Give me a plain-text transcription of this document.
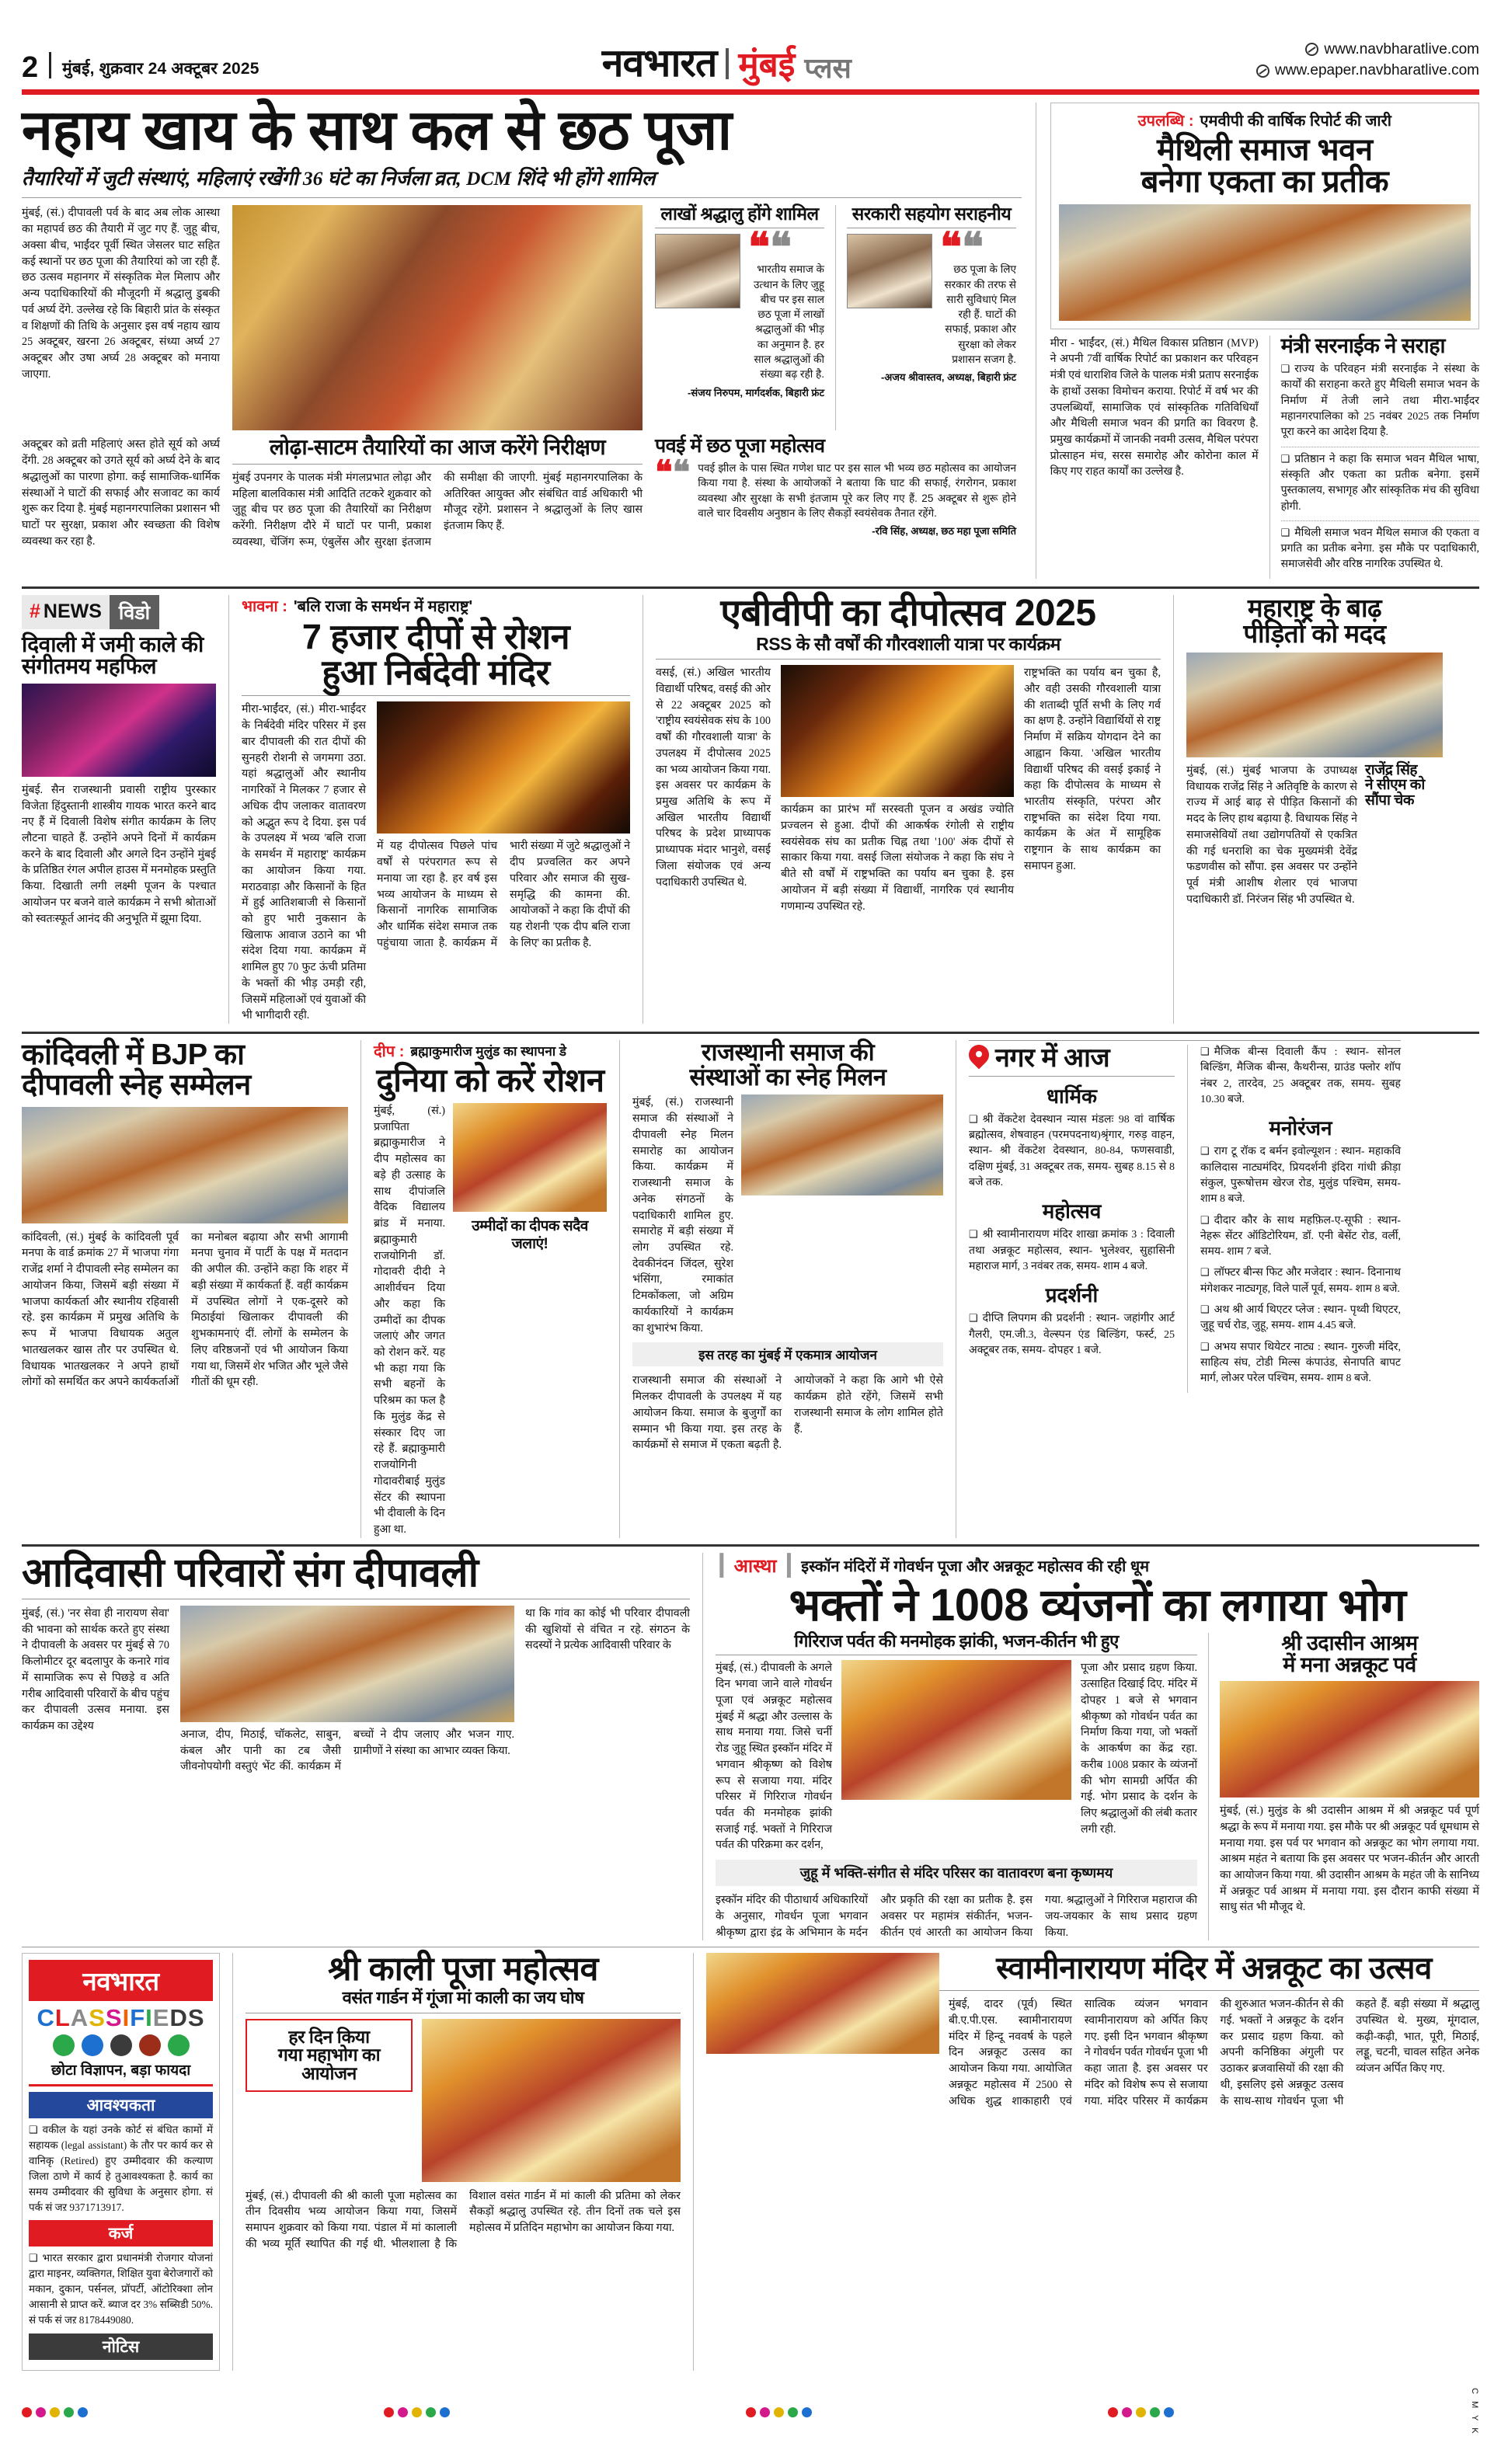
2 मुंबई, शुक्रवार 24 अक्टूबर 2025	नवभारत मुंबई प्लस
www.navbharatlive.com
www.epaper.navbharatlive.com
नहाय खाय के साथ कल से छठ पूजा
तैयारियों में जुटी संस्थाएं, महिलाएं रखेंगी 36 घंटे का निर्जला व्रत, DCM शिंदे भी होंगे शामिल
मुंबई, (सं.) दीपावली पर्व के बाद अब लोक आस्था का महापर्व छठ की तैयारी में जुट गए हैं. जुहू बीच, अक्सा बीच, भाईंदर पूर्वी स्थित जेसलर घाट सहित कई स्थानों पर छठ पूजा की तैयारियां को जा रही हैं. छठ उत्सव महानगर में संस्कृतिक मेल मिलाप और अन्य पदाधिकारियों की मौजूदगी में श्रद्धालु डुबकी पर्व अर्घ्य देंगे. उल्लेख रहे कि बिहारी प्रांत के संस्कृत व शिक्षणों की तिथि के अनुसार इस वर्ष नहाय खाय 25 अक्टूबर, खरना 26 अक्टूबर, संध्या अर्घ्य 27 अक्टूबर और उषा अर्घ्य 28 अक्टूबर को मनाया जाएगा.
लाखों श्रद्धालु होंगे शामिल
❝❝
भारतीय समाज के उत्थान के लिए जुहू बीच पर इस साल छठ पूजा में लाखों श्रद्धालुओं की भीड़ का अनुमान है. हर साल श्रद्धालुओं की संख्या बढ़ रही है.
-संजय निरुपम, मार्गदर्शक, बिहारी फ्रंट
सरकारी सहयोग सराहनीय
❝❝
छठ पूजा के लिए सरकार की तरफ से सारी सुविधाएं मिल रही हैं. घाटों की सफाई, प्रकाश और सुरक्षा को लेकर प्रशासन सजग है.
-अजय श्रीवास्तव, अध्यक्ष, बिहारी फ्रंट
अक्टूबर को व्रती महिलाएं अस्त होते सूर्य को अर्घ्य देंगी. 28 अक्टूबर को उगते सूर्य को अर्घ्य देने के बाद श्रद्धालुओं का पारणा होगा. कई सामाजिक-धार्मिक संस्थाओं ने घाटों की सफाई और सजावट का कार्य शुरू कर दिया है. मुंबई महानगरपालिका प्रशासन भी घाटों पर सुरक्षा, प्रकाश और स्वच्छता की विशेष व्यवस्था कर रहा है.
लोढ़ा-साटम तैयारियों का आज करेंगे निरीक्षण
मुंबई उपनगर के पालक मंत्री मंगलप्रभात लोढ़ा और महिला बालविकास मंत्री आदिति तटकरे शुक्रवार को जुहू बीच पर छठ पूजा की तैयारियों का निरीक्षण करेंगी. निरीक्षण दौरे में घाटों पर पानी, प्रकाश व्यवस्था, चेंजिंग रूम, एंबुलेंस और सुरक्षा इंतजाम की समीक्षा की जाएगी. मुंबई महानगरपालिका के अतिरिक्त आयुक्त और संबंधित वार्ड अधिकारी भी मौजूद रहेंगे. प्रशासन ने श्रद्धालुओं के लिए खास इंतजाम किए हैं.
पवई में छठ पूजा महोत्सव
❝❝ पवई झील के पास स्थित गणेश घाट पर इस साल भी भव्य छठ महोत्सव का आयोजन किया गया है. संस्था के आयोजकों ने बताया कि घाट की सफाई, रंगरोगन, प्रकाश व्यवस्था और सुरक्षा के सभी इंतजाम पूरे कर लिए गए हैं. 25 अक्टूबर से शुरू होने वाले चार दिवसीय अनुष्ठान के लिए सैकड़ों स्वयंसेवक तैनात रहेंगे.
-रवि सिंह, अध्यक्ष, छठ महा पूजा समिति
उपलब्धि : एमवीपी की वार्षिक रिपोर्ट की जारी
मैथिली समाज भवन
बनेगा एकता का प्रतीक
मीरा - भाईंदर, (सं.) मैथिल विकास प्रतिष्ठान (MVP) ने अपनी 7वीं वार्षिक रिपोर्ट का प्रकाशन कर परिवहन मंत्री एवं धाराशिव जिले के पालक मंत्री प्रताप सरनाईक के हाथों उसका विमोचन कराया. रिपोर्ट में वर्ष भर की उपलब्धियाँ, सामाजिक एवं सांस्कृतिक गतिविधियाँ और मैथिली समाज भवन की प्रगति का विवरण है. प्रमुख कार्यक्रमों में जानकी नवमी उत्सव, मैथिल परंपरा प्रोत्साहन मंच, सरस समारोह और कोरोना काल में किए गए राहत कार्यों का उल्लेख है.
मंत्री सरनाईक ने सराहा
❑ राज्य के परिवहन मंत्री सरनाईक ने संस्था के कार्यों की सराहना करते हुए मैथिली समाज भवन के निर्माण में तेजी लाने तथा मीरा-भाईंदर महानगरपालिका को 25 नवंबर 2025 तक निर्माण पूरा करने का आदेश दिया है.
❑ प्रतिष्ठान ने कहा कि समाज भवन मैथिल भाषा, संस्कृति और एकता का प्रतीक बनेगा. इसमें पुस्तकालय, सभागृह और सांस्कृतिक मंच की सुविधा होगी.
❑ मैथिली समाज भवन मैथिल समाज की एकता व प्रगति का प्रतीक बनेगा. इस मौके पर पदाधिकारी, समाजसेवी और वरिष्ठ नागरिक उपस्थित थे.
# NEWS विडो
दिवाली में जमी काले की संगीतमय महफिल
मुंबई. सैन राजस्थानी प्रवासी राष्ट्रीय पुरस्कार विजेता हिंदुस्तानी शास्त्रीय गायक भारत करने बाद नए हैं में दिवाली विशेष संगीत कार्यक्रम के लिए लौटना चाहते हैं. उन्होंने अपने दिनों में कार्यक्रम करने के बाद दिवाली और अगले दिन उन्होंने मुंबई के प्रतिष्ठित रंगल अपील हाउस में मनमोहक प्रस्तुति किया. दिखाती लगी लक्ष्मी पूजन के पश्चात आयोजन पर बजने वाले कार्यक्रम ने सभी श्रोताओं को स्वतःस्फूर्त आनंद की अनुभूति में झूमा दिया.
भावना : 'बलि राजा के समर्थन में महाराष्ट्र'
7 हजार दीपों से रोशन
हुआ निर्बदेवी मंदिर
मीरा-भाईंदर, (सं.) मीरा-भाईंदर के निर्बदेवी मंदिर परिसर में इस बार दीपावली की रात दीपों की सुनहरी रोशनी से जगमगा उठा. यहां श्रद्धालुओं और स्थानीय नागरिकों ने मिलकर 7 हजार से अधिक दीप जलाकर वातावरण को अद्भुत रूप दे दिया. इस पर्व के उपलक्ष्य में भव्य 'बलि राजा के समर्थन में महाराष्ट्र' कार्यक्रम का आयोजन किया गया. मराठवाड़ा और किसानों के हित में हुई आतिशबाजी से किसानों को हुए भारी नुकसान के खिलाफ आवाज उठाने का भी संदेश दिया गया. कार्यक्रम में शामिल हुए 70 फुट ऊंची प्रतिमा के भक्तों की भीड़ उमड़ी रही, जिसमें महिलाओं एवं युवाओं की भी भागीदारी रही.
में यह दीपोत्सव पिछले पांच वर्षों से परंपरागत रूप से मनाया जा रहा है. हर वर्ष इस भव्य आयोजन के माध्यम से किसानों नागरिक सामाजिक और धार्मिक संदेश समाज तक पहुंचाया जाता है. कार्यक्रम में भारी संख्या में जुटे श्रद्धालुओं ने दीप प्रज्वलित कर अपने परिवार और समाज की सुख-समृद्धि की कामना की. आयोजकों ने कहा कि दीपों की यह रोशनी 'एक दीप बलि राजा के लिए' का प्रतीक है.
एबीवीपी का दीपोत्सव 2025
RSS के सौ वर्षों की गौरवशाली यात्रा पर कार्यक्रम
वसई, (सं.) अखिल भारतीय विद्यार्थी परिषद, वसई की ओर से 22 अक्टूबर 2025 को 'राष्ट्रीय स्वयंसेवक संघ के 100 वर्षों की गौरवशाली यात्रा' के उपलक्ष्य में दीपोत्सव 2025 का भव्य आयोजन किया गया. इस अवसर पर कार्यक्रम के प्रमुख अतिथि के रूप में अखिल भारतीय विद्यार्थी परिषद के प्रदेश प्राध्यापक प्राध्यापक मंदार भानुशे, वसई जिला संयोजक एवं अन्य पदाधिकारी उपस्थित थे.
कार्यक्रम का प्रारंभ माँ सरस्वती पूजन व अखंड ज्योति प्रज्वलन से हुआ. दीपों की आकर्षक रंगोली से राष्ट्रीय स्वयंसेवक संघ का प्रतीक चिह्न तथा '100' अंक दीपों से साकार किया गया. वसई जिला संयोजक ने कहा कि संघ ने बीते सौ वर्षों में राष्ट्रभक्ति का पर्याय बन चुका है. इस आयोजन में बड़ी संख्या में विद्यार्थी, नागरिक एवं स्थानीय गणमान्य उपस्थित रहे.
राष्ट्रभक्ति का पर्याय बन चुका है, और वही उसकी गौरवशाली यात्रा की शताब्दी पूर्ति सभी के लिए गर्व का क्षण है. उन्होंने विद्यार्थियों से राष्ट्र निर्माण में सक्रिय योगदान देने का आह्वान किया. 'अखिल भारतीय विद्यार्थी परिषद की वसई इकाई ने कहा कि दीपोत्सव के माध्यम से भारतीय संस्कृति, परंपरा और राष्ट्रभक्ति का संदेश दिया गया. कार्यक्रम के अंत में सामूहिक राष्ट्रगान के साथ कार्यक्रम का समापन हुआ.
महाराष्ट्र के बाढ़
पीड़ितों को मदद
मुंबई, (सं.) मुंबई भाजपा के उपाध्यक्ष विधायक राजेंद्र सिंह ने अतिवृष्टि के कारण से राज्य में आई बाढ़ से पीड़ित किसानों की मदद के लिए हाथ बढ़ाया है. विधायक सिंह ने समाजसेवियों तथा उद्योगपतियों से एकत्रित की गई धनराशि का चेक मुख्यमंत्री देवेंद्र फडणवीस को सौंपा. इस अवसर पर उन्होंने पूर्व मंत्री आशीष शेलार एवं भाजपा पदाधिकारी डॉ. निरंजन सिंह भी उपस्थित थे.
राजेंद्र सिंह
ने सीएम को
सौंपा चेक
कांदिवली में BJP का
दीपावली स्नेह सम्मेलन
कांदिवली, (सं.) मुंबई के कांदिवली पूर्व मनपा के वार्ड क्रमांक 27 में भाजपा गंगा राजेंद्र शर्मा ने दीपावली स्नेह सम्मेलन का आयोजन किया, जिसमें बड़ी संख्या में भाजपा कार्यकर्ता और स्थानीय रहिवासी रहे. इस कार्यक्रम में प्रमुख अतिथि के रूप में भाजपा विधायक अतुल भातखलकर खास तौर पर उपस्थित थे. विधायक भातखलकर ने अपने हाथों लोगों को समर्थित कर अपने कार्यकर्ताओं का मनोबल बढ़ाया और सभी आगामी मनपा चुनाव में पार्टी के पक्ष में मतदान की अपील की. उन्होंने कहा कि शहर में बड़ी संख्या में कार्यकर्ता हैं. वहीं कार्यक्रम में उपस्थित लोगों ने एक-दूसरे को मिठाईयां खिलाकर दीपावली की शुभकामनाएं दीं. लोगों के सम्मेलन के लिए वरिष्ठजनों एवं भी आयोजन किया गया था, जिसमें शेर भजित और भूले जैसे गीतों की धूम रही.
दीप : ब्रह्माकुमारीज मुलुंड का स्थापना डे
दुनिया को करें रोशन
मुंबई, (सं.) प्रजापिता ब्रह्माकुमारीज ने दीप महोत्सव का बड़े ही उत्साह के साथ दीपांजलि वैदिक विद्यालय ब्रांड में मनाया. ब्रह्माकुमारी राजयोगिनी डॉ. गोदावरी दीदी ने आशीर्वचन दिया और कहा कि उम्मीदों का दीपक जलाएं और जगत को रोशन करें. यह भी कहा गया कि सभी बहनों के परिश्रम का फल है कि मुलुंड केंद्र से संस्कार दिए जा रहे हैं. ब्रह्माकुमारी राजयोगिनी गोदावरीबाई मुलुंड सेंटर की स्थापना भी दीवाली के दिन हुआ था.
उम्मीदों का दीपक सदैव जलाएं!
राजस्थानी समाज की
संस्थाओं का स्नेह मिलन
मुंबई, (सं.) राजस्थानी समाज की संस्थाओं ने दीपावली स्नेह मिलन समारोह का आयोजन किया. कार्यक्रम में राजस्थानी समाज के अनेक संगठनों के पदाधिकारी शामिल हुए. समारोह में बड़ी संख्या में लोग उपस्थित रहे. देवकीनंदन जिंदल, सुरेश भंसिंगा, रमाकांत टिमकोंकला, जो अग्रिम कार्यकारियों ने कार्यक्रम का शुभारंभ किया.
इस तरह का मुंबई में एकमात्र आयोजन
राजस्थानी समाज की संस्थाओं ने मिलकर दीपावली के उपलक्ष्य में यह आयोजन किया. समाज के बुजुर्गों का सम्मान भी किया गया. इस तरह के कार्यक्रमों से समाज में एकता बढ़ती है. आयोजकों ने कहा कि आगे भी ऐसे कार्यक्रम होते रहेंगे, जिसमें सभी राजस्थानी समाज के लोग शामिल होते हैं.
नगर में आज
धार्मिक
❑ श्री वेंकटेश देवस्थान न्यास मंडलः 98 वां वार्षिक ब्रह्मोत्सव, शेषवाहन (परमपदनाथ)श्रृंगार, गरुड़ वाहन, स्थान- श्री वेंकटेश देवस्थान, 80-84, फणसवाडी, दक्षिण मुंबई, 31 अक्टूबर तक, समय- सुबह 8.15 से 8 बजे तक.
महोत्सव
❑ श्री स्वामीनारायण मंदिर शाखा क्रमांक 3 : दिवाली तथा अन्नकूट महोत्सव, स्थान- भुलेश्वर, सुहासिनी महाराज मार्ग, 3 नवंबर तक, समय- शाम 4 बजे.
प्रदर्शनी
❑ दीप्ति लिपगम की प्रदर्शनी : स्थान- जहांगीर आर्ट गैलरी, एम.जी.3, वेल्स्पन एंड बिल्डिंग, फर्स्ट, 25 अक्टूबर तक, समय- दोपहर 1 बजे.
❑ मैजिक बीन्स दिवाली कैंप : स्थान- सोनल बिल्डिंग, मैजिक बीन्स, कैथरीन्स, ग्राउंड फ्लोर शॉप नंबर 2, तारदेव, 25 अक्टूबर तक, समय- सुबह 10.30 बजे.
मनोरंजन
❑ राग टू रॉक द बर्मन इवोल्यूशन : स्थान- महाकवि कालिदास नाट्यमंदिर, प्रियदर्शनी इंदिरा गांधी क्रीड़ा संकुल, पुरूषोत्तम खेरज रोड, मुलुंड पश्चिम, समय- शाम 8 बजे.
❑ दीदार कौर के साथ महफ़िल-ए-सूफी : स्थान- नेहरू सेंटर ऑडिटोरियम, डॉ. एनी बेसेंट रोड, वर्ली, समय- शाम 7 बजे.
❑ लॉफ्टर बीन्स फिट और मजेदार : स्थान- दिनानाथ मंगेशकर नाट्यगृह, विले पार्ले पूर्व, समय- शाम 8 बजे.
❑ अथ श्री आर्य थिएटर प्लेज : स्थान- पृथ्वी थिएटर, जुहू चर्च रोड, जुहू, समय- शाम 4.45 बजे.
❑ अभय सपार थियेटर नाट्य : स्थान- गुरुजी मंदिर, साहित्य संघ, टोडी मिल्स कंपाउंड, सेनापति बापट मार्ग, लोअर परेल पश्चिम, समय- शाम 8 बजे.
आदिवासी परिवारों संग दीपावली
मुंबई, (सं.) 'नर सेवा ही नारायण सेवा' की भावना को सार्थक करते हुए संस्था ने दीपावली के अवसर पर मुंबई से 70 किलोमीटर दूर बदलापुर के कनारे गांव में सामाजिक रूप से पिछड़े व अति गरीब आदिवासी परिवारों के बीच पहुंच कर दीपावली उत्सव मनाया. इस कार्यक्रम का उद्देश्य
अनाज, दीप, मिठाई, चॉकलेट, साबुन, कंबल और पानी का टब जैसी जीवनोपयोगी वस्तुएं भेंट कीं. कार्यक्रम में बच्चों ने दीप जलाए और भजन गाए. ग्रामीणों ने संस्था का आभार व्यक्त किया.
था कि गांव का कोई भी परिवार दीपावली की खुशियों से वंचित न रहे. संगठन के सदस्यों ने प्रत्येक आदिवासी परिवार के
┃ आस्था ┃ इस्कॉन मंदिरों में गोवर्धन पूजा और अन्नकूट महोत्सव की रही धूम
भक्तों ने 1008 व्यंजनों का लगाया भोग
गिरिराज पर्वत की मनमोहक झांकी, भजन-कीर्तन भी हुए
मुंबई, (सं.) दीपावली के अगले दिन भगवा जाने वाले गोवर्धन पूजा एवं अन्नकूट महोत्सव मुंबई में श्रद्धा और उल्लास के साथ मनाया गया. जिसे चर्नी रोड जुहू स्थित इस्कॉन मंदिर में भगवान श्रीकृष्ण को विशेष रूप से सजाया गया. मंदिर परिसर में गिरिराज गोवर्धन पर्वत की मनमोहक झांकी सजाई गई. भक्तों ने गिरिराज पर्वत की परिक्रमा कर दर्शन,
पूजा और प्रसाद ग्रहण किया. उत्साहित दिखाई दिए. मंदिर में दोपहर 1 बजे से भगवान श्रीकृष्ण को गोवर्धन पर्वत का निर्माण किया गया, जो भक्तों के आकर्षण का केंद्र रहा. करीब 1008 प्रकार के व्यंजनों की भोग सामग्री अर्पित की गई. भोग प्रसाद के दर्शन के लिए श्रद्धालुओं की लंबी कतार लगी रही.
जुहू में भक्ति-संगीत से मंदिर परिसर का वातावरण बना कृष्णमय
इस्कॉन मंदिर की पीठाधार्य अधिकारियों के अनुसार, गोवर्धन पूजा भगवान श्रीकृष्ण द्वारा इंद्र के अभिमान के मर्दन और प्रकृति की रक्षा का प्रतीक है. इस अवसर पर महामंत्र संकीर्तन, भजन-कीर्तन एवं आरती का आयोजन किया गया. श्रद्धालुओं ने गिरिराज महाराज की जय-जयकार के साथ प्रसाद ग्रहण किया.
श्री उदासीन आश्रम
में मना अन्नकूट पर्व
मुंबई, (सं.) मुलुंड के श्री उदासीन आश्रम में श्री अन्नकूट पर्व पूर्ण श्रद्धा के रूप में मनाया गया. इस मौके पर श्री अन्नकूट पर्व धूमधाम से मनाया गया. इस पर्व पर भगवान को अन्नकूट का भोग लगाया गया. आश्रम महंत ने बताया कि इस अवसर पर भजन-कीर्तन और आरती का आयोजन किया गया. श्री उदासीन आश्रम के महंत जी के सानिध्य में अन्नकूट पर्व आश्रम में मनाया गया. इस दौरान काफी संख्या में साधु संत भी मौजूद थे.
नवभारत
CLASSIFIEDS
छोटा विज्ञापन, बड़ा फायदा
आवश्यकता
❑ वकील के यहां उनके कोर्ट सं बंधित कामों में सहायक (legal assistant) के तौर पर कार्य कर से वानिकृ (Retired) हुए उम्मीदवार की कल्याण जिला ठाणे में कार्य हे तुआवश्यकता है. कार्य का समय उम्मीदवार की सुविधा के अनुसार होगा. सं पर्क सं जऱ 9371713917.
कर्ज
❑ भारत सरकार द्वारा प्रधानमंत्री रोजगार योजनां द्वारा माइनर, व्यक्तिगत, शिक्षित युवा बेरोजगारों को मकान, दुकान, पर्सनल, प्रॉपर्टी, ऑटोरिक्शा लोन आसानी से प्राप्त करें. ब्याज दर 3% सब्सिडी 50%. सं पर्क सं जऱ 8178449080.
नोटिस
श्री काली पूजा महोत्सव
वसंत गार्डन में गूंजा मां काली का जय घोष
हर दिन किया
गया महाभोग का
आयोजन
मुंबई, (सं.) दीपावली की श्री काली पूजा महोत्सव का तीन दिवसीय भव्य आयोजन किया गया, जिसमें समापन शुक्रवार को किया गया. पंडाल में मां कालाली की भव्य मूर्ति स्थापित की गई थी. भीलशाला है कि विशाल वसंत गार्डन में मां काली की प्रतिमा को लेकर सैकड़ों श्रद्धालु उपस्थित रहे. तीन दिनों तक चले इस महोत्सव में प्रतिदिन महाभोग का आयोजन किया गया.
स्वामीनारायण मंदिर में अन्नकूट का उत्सव
मुंबई, दादर (पूर्व) स्थित बी.ए.पी.एस. स्वामीनारायण मंदिर में हिन्दू नववर्ष के पहले दिन अन्नकूट उत्सव का आयोजन किया गया. आयोजित अन्नकूट महोत्सव में 2500 से अधिक शुद्ध शाकाहारी एवं सात्विक व्यंजन भगवान स्वामीनारायण को अर्पित किए गए. इसी दिन भगवान श्रीकृष्ण ने गोवर्धन पर्वत गोवर्धन पूजा भी कहा जाता है. इस अवसर पर मंदिर को विशेष रूप से सजाया गया. मंदिर परिसर में कार्यक्रम की शुरुआत भजन-कीर्तन से की गई. भक्तों ने अन्नकूट के दर्शन कर प्रसाद ग्रहण किया. को अपनी कनिष्ठिका अंगुली पर उठाकर ब्रजवासियों की रक्षा की थी, इसलिए इसे अन्नकूट उत्सव के साथ-साथ गोवर्धन पूजा भी कहते हैं. बड़ी संख्या में श्रद्धालु उपस्थित थे. मुख्य, मूंगदाल, कढ़ी-कढ़ी, भात, पूरी, मिठाई, लड्डू, चटनी, चावल सहित अनेक व्यंजन अर्पित किए गए.
C M Y K
